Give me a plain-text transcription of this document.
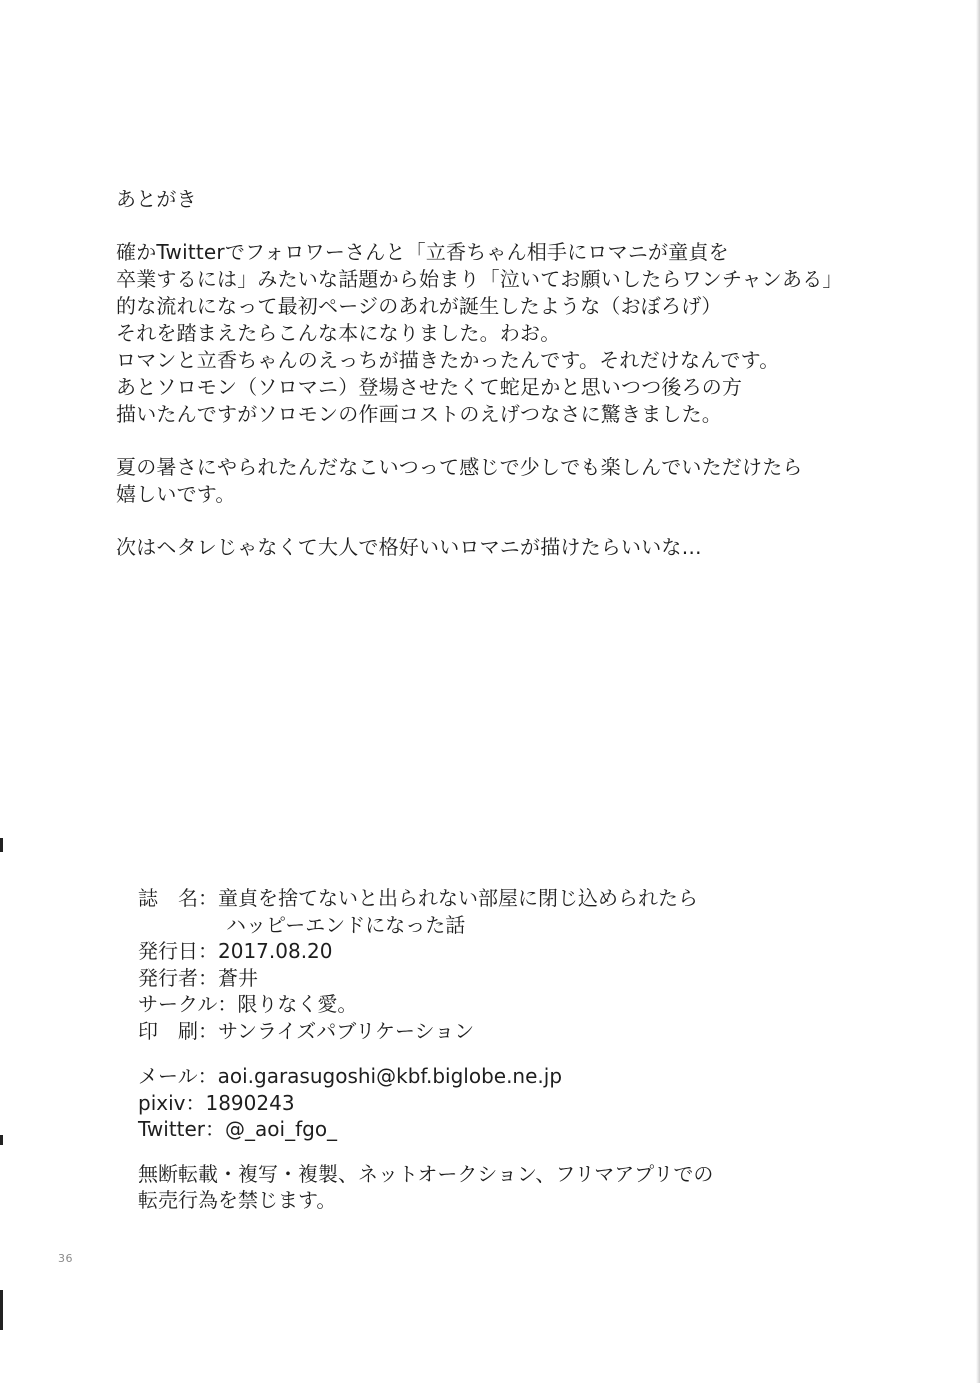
あとがき
確かTwitterでフォロワーさんと「立香ちゃん相手にロマニが童貞を
卒業するには」みたいな話題から始まり「泣いてお願いしたらワンチャンある」
的な流れになって最初ページのあれが誕生したような（おぼろげ）
それを踏まえたらこんな本になりました。わお。
ロマンと立香ちゃんのえっちが描きたかったんです。それだけなんです。
あとソロモン（ソロマニ）登場させたくて蛇足かと思いつつ後ろの方
描いたんですがソロモンの作画コストのえげつなさに驚きました。
夏の暑さにやられたんだなこいつって感じで少しでも楽しんでいただけたら
嬉しいです。
次はヘタレじゃなくて大人で格好いいロマニが描けたらいいな…
誌　名：童貞を捨てないと出られない部屋に閉じ込められたら
ハッピーエンドになった話
発行日：2017.08.20
発行者：蒼井
サークル：限りなく愛。
印　刷：サンライズパブリケーション
メール：aoi.garasugoshi@kbf.biglobe.ne.jp
pixiv：1890243
Twitter：@_aoi_fgo_
無断転載・複写・複製、ネットオークション、フリマアプリでの
転売行為を禁じます。
36
